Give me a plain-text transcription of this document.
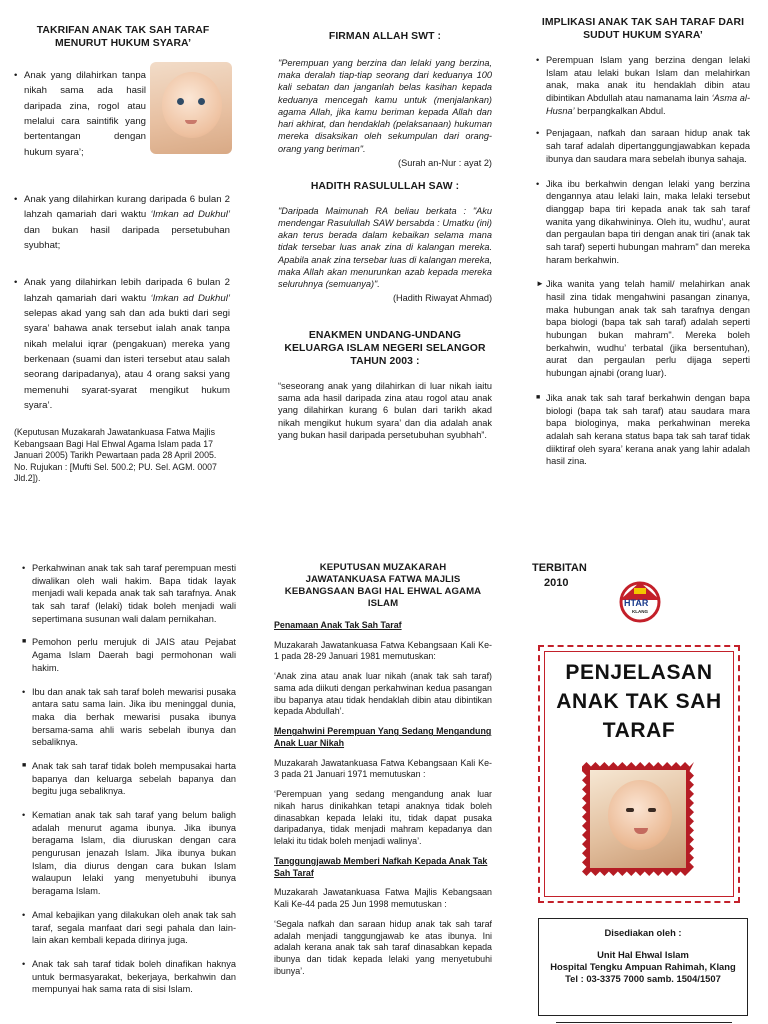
TAKRIFAN ANAK TAK SAH TARAF MENURUT HUKUM SYARA’
• Anak yang dilahirkan tanpa nikah sama ada hasil daripada zina, rogol atau melalui cara saintifik yang bertentangan dengan hukum syara’;
• Anak yang dilahirkan kurang daripada 6 bulan 2 lahzah qamariah dari waktu ‘Imkan ad Dukhul’ dan bukan hasil daripada persetubuhan syubhat;
• Anak yang dilahirkan lebih daripada 6 bulan 2 lahzah qamariah dari waktu ‘Imkan ad Dukhul’ selepas akad yang sah dan ada bukti dari segi syara’ bahawa anak tersebut ialah anak tanpa nikah melalui iqrar (pengakuan) mereka yang berkenaan (suami dan isteri tersebut atau salah seorang daripadanya), atau 4 orang saksi yang memenuhi syarat-syarat mengikut hukum syara’.
(Keputusan Muzakarah Jawatankuasa Fatwa Majlis Kebangsaan Bagi Hal Ehwal Agama Islam pada 17 Januari 2005) Tarikh Pewartaan pada 28 April 2005. No. Rujukan : [Mufti Sel. 500.2; PU. Sel. AGM. 0007 Jld.2]).
FIRMAN ALLAH SWT :
"Perempuan yang berzina dan lelaki yang berzina, maka deralah tiap-tiap seorang dari keduanya 100 kali sebatan dan janganlah belas kasihan kepada keduanya mencegah kamu untuk (menjalankan) agama Allah, jika kamu beriman kepada Allah dan hari akhirat, dan hendaklah (pelaksanaan) hukuman mereka disaksikan oleh sekumpulan dari orang-orang yang beriman".
(Surah an-Nur : ayat 2)
HADITH RASULULLAH SAW :
"Daripada Maimunah RA beliau berkata : "Aku mendengar Rasulullah SAW bersabda : Umatku (ini) akan terus berada dalam kebaikan selama mana tidak tersebar luas anak zina di kalangan mereka. Apabila anak zina tersebar luas di kalangan mereka, maka Allah akan menurunkan azab kepada mereka seluruhnya (semuanya)".
(Hadith Riwayat Ahmad)
ENAKMEN UNDANG-UNDANG KELUARGA ISLAM NEGERI SELANGOR TAHUN 2003 :
“seseorang anak yang dilahirkan di luar nikah iaitu sama ada hasil daripada zina atau rogol atau anak yang dilahirkan kurang 6 bulan dari tarikh akad nikah mengikut hukum syara’ dan dia adalah anak yang bukan hasil daripada persetubuhan syubhah”.
IMPLIKASI ANAK TAK SAH TARAF DARI SUDUT HUKUM SYARA’
• Perempuan Islam yang berzina dengan lelaki Islam atau lelaki bukan Islam dan melahirkan anak, maka anak itu hendaklah dibin atau dibintikan Abdullah atau namanama lain ‘Asma al-Husna’ berpangkalkan Abdul.
• Penjagaan, nafkah dan saraan hidup anak tak sah taraf adalah dipertanggungjawabkan kepada ibunya dan saudara mara sebelah ibunya sahaja.
• Jika ibu berkahwin dengan lelaki yang berzina dengannya atau lelaki lain, maka lelaki tersebut dianggap bapa tiri kepada anak tak sah taraf wanita yang dikahwininya. Oleh itu, wudhu’, aurat dan pergaulan bapa tiri dengan anak tiri (anak tak sah taraf) seperti hubungan mahram" dan mereka haram berkahwin.
► Jika wanita yang telah hamil/ melahirkan anak hasil zina tidak mengahwini pasangan zinanya, maka hubungan anak tak sah tarafnya dengan bapa biologi (bapa tak sah taraf) adalah seperti hubungan bukan mahram". Mereka boleh berkahwin, wudhu’ terbatal (jika bersentuhan), aurat dan pergaulan perlu dijaga seperti hubungan ajnabi (orang luar).
■ Jika anak tak sah taraf berkahwin dengan bapa biologi (bapa tak sah taraf) atau saudara mara bapa biologinya, maka perkahwinan mereka adalah sah kerana status bapa tak sah taraf tidak diiktiraf oleh syara’ kerana anak yang lahir adalah hasil zina.
• Perkahwinan anak tak sah taraf perempuan mesti diwalikan oleh wali hakim. Bapa tidak layak menjadi wali kepada anak tak sah tarafnya. Anak tak sah taraf (lelaki) tidak boleh menjadi wali sepertimana susunan wali dalam pernikahan.
■ Pemohon perlu merujuk di JAIS atau Pejabat Agama Islam Daerah bagi permohonan wali hakim.
• Ibu dan anak tak sah taraf boleh mewarisi pusaka antara satu sama lain. Jika ibu meninggal dunia, maka dia berhak mewarisi pusaka ibunya bersama-sama ahli waris sebelah ibunya dan sebaliknya.
■ Anak tak sah taraf tidak boleh mempusakai harta bapanya dan keluarga sebelah bapanya dan begitu juga sebaliknya.
• Kematian anak tak sah taraf yang belum baligh adalah menurut agama ibunya. Jika ibunya beragama Islam, dia diuruskan dengan cara pengurusan jenazah Islam. Jika ibunya bukan Islam, dia diurus dengan cara bukan Islam walaupun lelaki yang menyetubuhi ibunya beragama Islam.
• Amal kebajikan yang dilakukan oleh anak tak sah taraf, segala manfaat dari segi pahala dan lain-lain akan kembali kepada dirinya juga.
• Anak tak sah taraf tidak boleh dinafikan haknya untuk bermasyarakat, bekerjaya, berkahwin dan mempunyai hak sama rata di sisi Islam.
KEPUTUSAN MUZAKARAH JAWATANKUASA FATWA MAJLIS KEBANGSAAN BAGI HAL EHWAL AGAMA ISLAM
Penamaan Anak Tak Sah Taraf
Muzakarah Jawatankuasa Fatwa Kebangsaan Kali Ke-1 pada 28-29 Januari 1981 memutuskan:
‘Anak zina atau anak luar nikah (anak tak sah taraf) sama ada diikuti dengan perkahwinan kedua pasangan ibu bapanya atau tidak hendaklah dibin atau dibintikan kepada Abdullah’.
Mengahwini Perempuan Yang Sedang Mengandung Anak Luar Nikah
Muzakarah Jawatankuasa Fatwa Kebangsaan Kali Ke-3 pada 21 Januari 1971 memutuskan :
‘Perempuan yang sedang mengandung anak luar nikah harus dinikahkan tetapi anaknya tidak boleh dinasabkan kepada lelaki itu, tidak dapat pusaka daripadanya, tidak menjadi mahram kepadanya dan lelaki itu tidak boleh menjadi walinya’.
Tanggungjawab Memberi Nafkah Kepada Anak Tak Sah Taraf
Muzakarah Jawatankuasa Fatwa Majlis Kebangsaan Kali Ke-44 pada 25 Jun 1998 memutuskan :
‘Segala nafkah dan saraan hidup anak tak sah taraf adalah menjadi tanggungjawab ke atas ibunya. Ini adalah kerana anak tak sah taraf dinasabkan kepada ibunya dan tidak kepada lelaki yang menyetubuhi ibunya’.
TERBITAN
2010
HTAR
KLANG
PENJELASAN ANAK TAK SAH TARAF
Disediakan oleh :
Unit Hal Ehwal Islam
Hospital Tengku Ampuan Rahimah, Klang
Tel : 03-3375 7000 samb. 1504/1507
